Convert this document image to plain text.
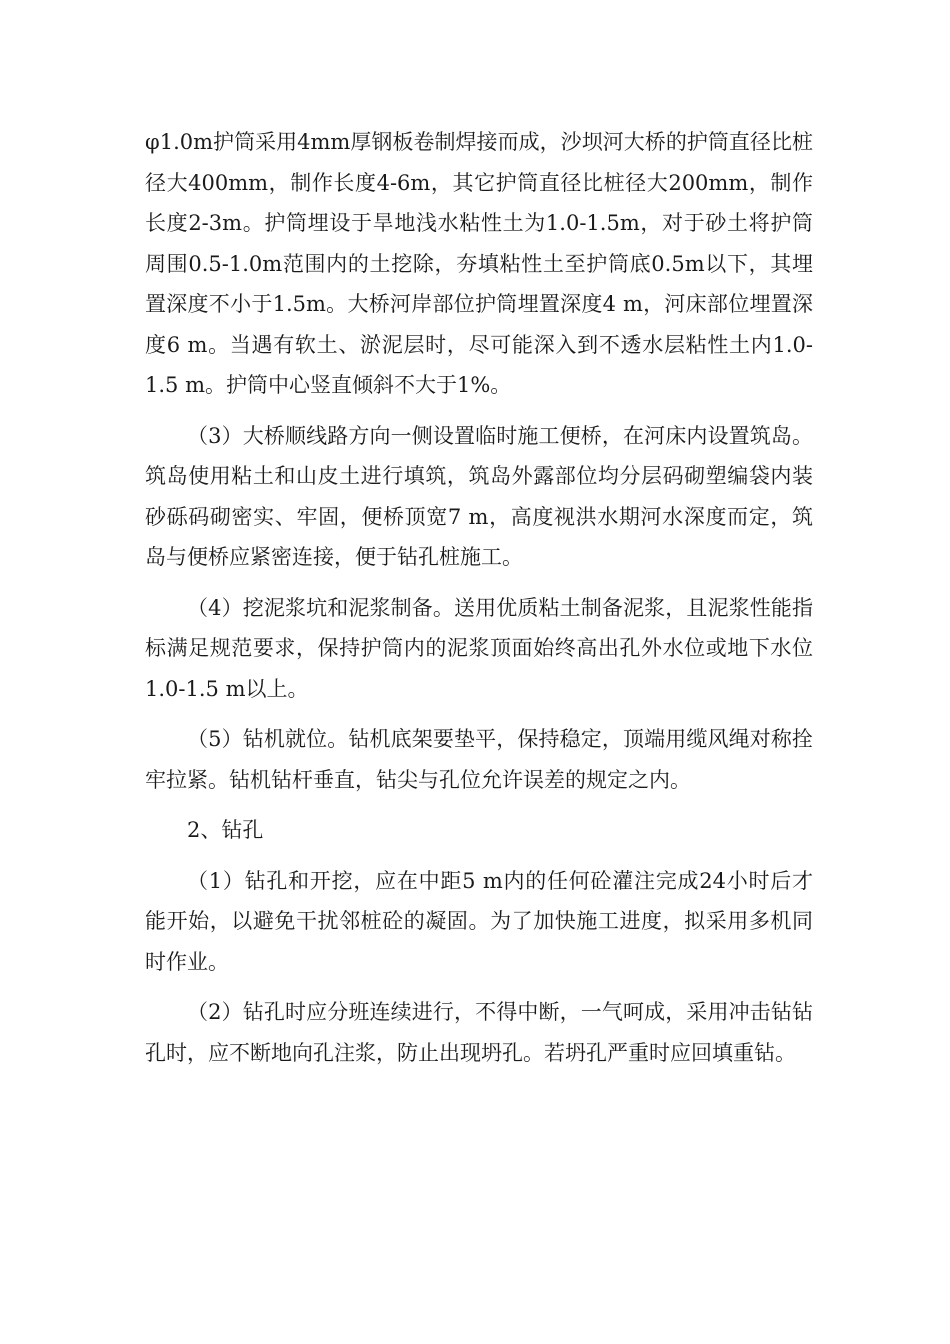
φ1.0m护筒采用4mm厚钢板卷制焊接而成，沙坝河大桥的护筒直径比桩径大400mm，制作长度4-6m，其它护筒直径比桩径大200mm，制作长度2-3m。护筒埋设于旱地浅水粘性土为1.0-1.5m，对于砂土将护筒周围0.5-1.0m范围内的土挖除，夯填粘性土至护筒底0.5m以下，其埋置深度不小于1.5m。大桥河岸部位护筒埋置深度4 m，河床部位埋置深度6 m。当遇有软土、淤泥层时，尽可能深入到不透水层粘性土内1.0-1.5 m。护筒中心竖直倾斜不大于1%。

（3）大桥顺线路方向一侧设置临时施工便桥，在河床内设置筑岛。筑岛使用粘土和山皮土进行填筑，筑岛外露部位均分层码砌塑编袋内装砂砾码砌密实、牢固，便桥顶宽7 m，高度视洪水期河水深度而定，筑岛与便桥应紧密连接，便于钻孔桩施工。

（4）挖泥浆坑和泥浆制备。送用优质粘土制备泥浆，且泥浆性能指标满足规范要求，保持护筒内的泥浆顶面始终高出孔外水位或地下水位1.0-1.5 m以上。

（5）钻机就位。钻机底架要垫平，保持稳定，顶端用缆风绳对称拴牢拉紧。钻机钻杆垂直，钻尖与孔位允许误差的规定之内。

2、钻孔

（1）钻孔和开挖，应在中距5 m内的任何砼灌注完成24小时后才能开始，以避免干扰邻桩砼的凝固。为了加快施工进度，拟采用多机同时作业。

（2）钻孔时应分班连续进行，不得中断，一气呵成，采用冲击钻钻孔时，应不断地向孔注浆，防止出现坍孔。若坍孔严重时应回填重钻。
